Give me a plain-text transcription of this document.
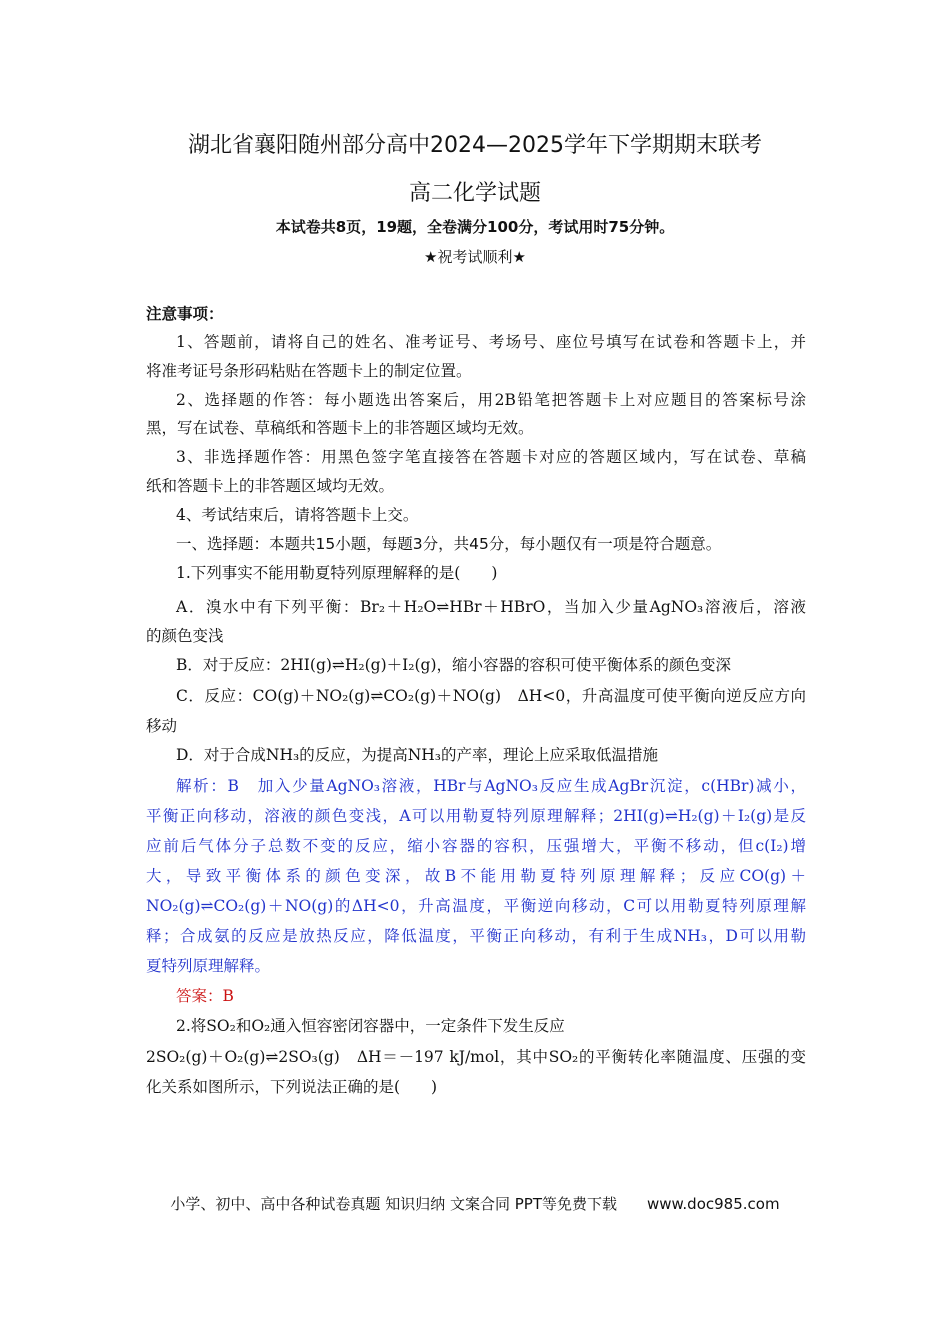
湖北省襄阳随州部分高中2024—2025学年下学期期末联考
高二化学试题
本试卷共8页，19题，全卷满分100分，考试用时75分钟。
★祝考试顺利★
注意事项：
1、答题前，请将自己的姓名、准考证号、考场号、座位号填写在试卷和答题卡上，并
将准考证号条形码粘贴在答题卡上的制定位置。
2、选择题的作答：每小题选出答案后，用2B铅笔把答题卡上对应题目的答案标号涂
黑，写在试卷、草稿纸和答题卡上的非答题区域均无效。
3、非选择题作答：用黑色签字笔直接答在答题卡对应的答题区域内，写在试卷、草稿
纸和答题卡上的非答题区域均无效。
4、考试结束后，请将答题卡上交。
一、选择题：本题共15小题，每题3分，共45分，每小题仅有一项是符合题意。
1.下列事实不能用勒夏特列原理解释的是(　　)
A．溴水中有下列平衡：Br₂＋H₂O⇌HBr＋HBrO，当加入少量AgNO₃溶液后，溶液
的颜色变浅
B．对于反应：2HI(g)⇌H₂(g)＋I₂(g)，缩小容器的容积可使平衡体系的颜色变深
C．反应：CO(g)＋NO₂(g)⇌CO₂(g)＋NO(g)　ΔH<0，升高温度可使平衡向逆反应方向
移动
D．对于合成NH₃的反应，为提高NH₃的产率，理论上应采取低温措施
解析：B　加入少量AgNO₃溶液，HBr与AgNO₃反应生成AgBr沉淀，c(HBr)减小，
平衡正向移动，溶液的颜色变浅，A可以用勒夏特列原理解释；2HI(g)⇌H₂(g)＋I₂(g)是反
应前后气体分子总数不变的反应，缩小容器的容积，压强增大，平衡不移动，但c(I₂)增
大，导致平衡体系的颜色变深，故B不能用勒夏特列原理解释；反应CO(g)＋
NO₂(g)⇌CO₂(g)＋NO(g)的ΔH<0，升高温度，平衡逆向移动，C可以用勒夏特列原理解
释；合成氨的反应是放热反应，降低温度，平衡正向移动，有利于生成NH₃，D可以用勒
夏特列原理解释。
答案：B
2.将SO₂和O₂通入恒容密闭容器中，一定条件下发生反应
2SO₂(g)＋O₂(g)⇌2SO₃(g)　ΔH＝－197 kJ/mol，其中SO₂的平衡转化率随温度、压强的变
化关系如图所示，下列说法正确的是(　　)
小学、初中、高中各种试卷真题 知识归纳 文案合同 PPT等免费下载　　www.doc985.com
